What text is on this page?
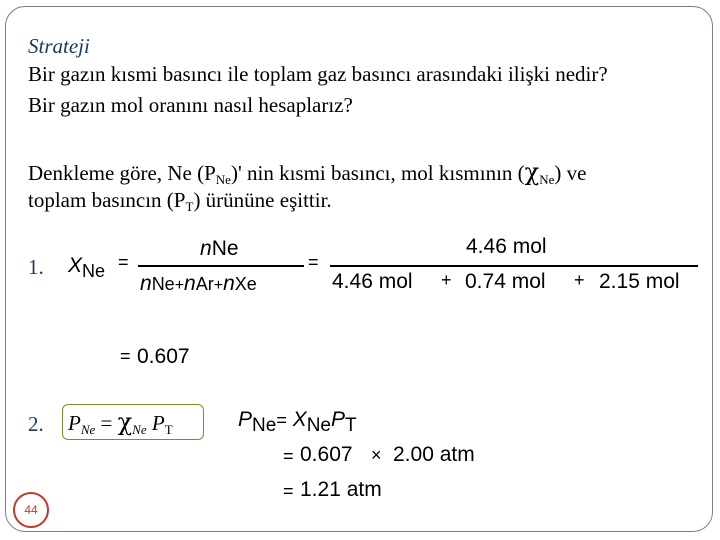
Strateji
Bir gazın kısmi basıncı ile toplam gaz basıncı arasındaki ilişki nedir?
Bir gazın mol oranını nasıl hesaplarız?
Denkleme göre, Ne $(P_{Ne})'$ nin kısmi basıncı, mol kısmının $(\chi_{Ne})$ ve
toplam basıncın $(P_T)$ ürününe eşittir.
1. XNe =
nNe
nNe+nAr+nXe
=
4.46 mol
4.46 mol + 0.74 mol + 2.15 mol
= 0.607
2. $P_{Ne} = \chi_{Ne}$ $P_T$	PNe= XNePT
= 0.607 × 2.00 atm
= 1.21 atm
44
